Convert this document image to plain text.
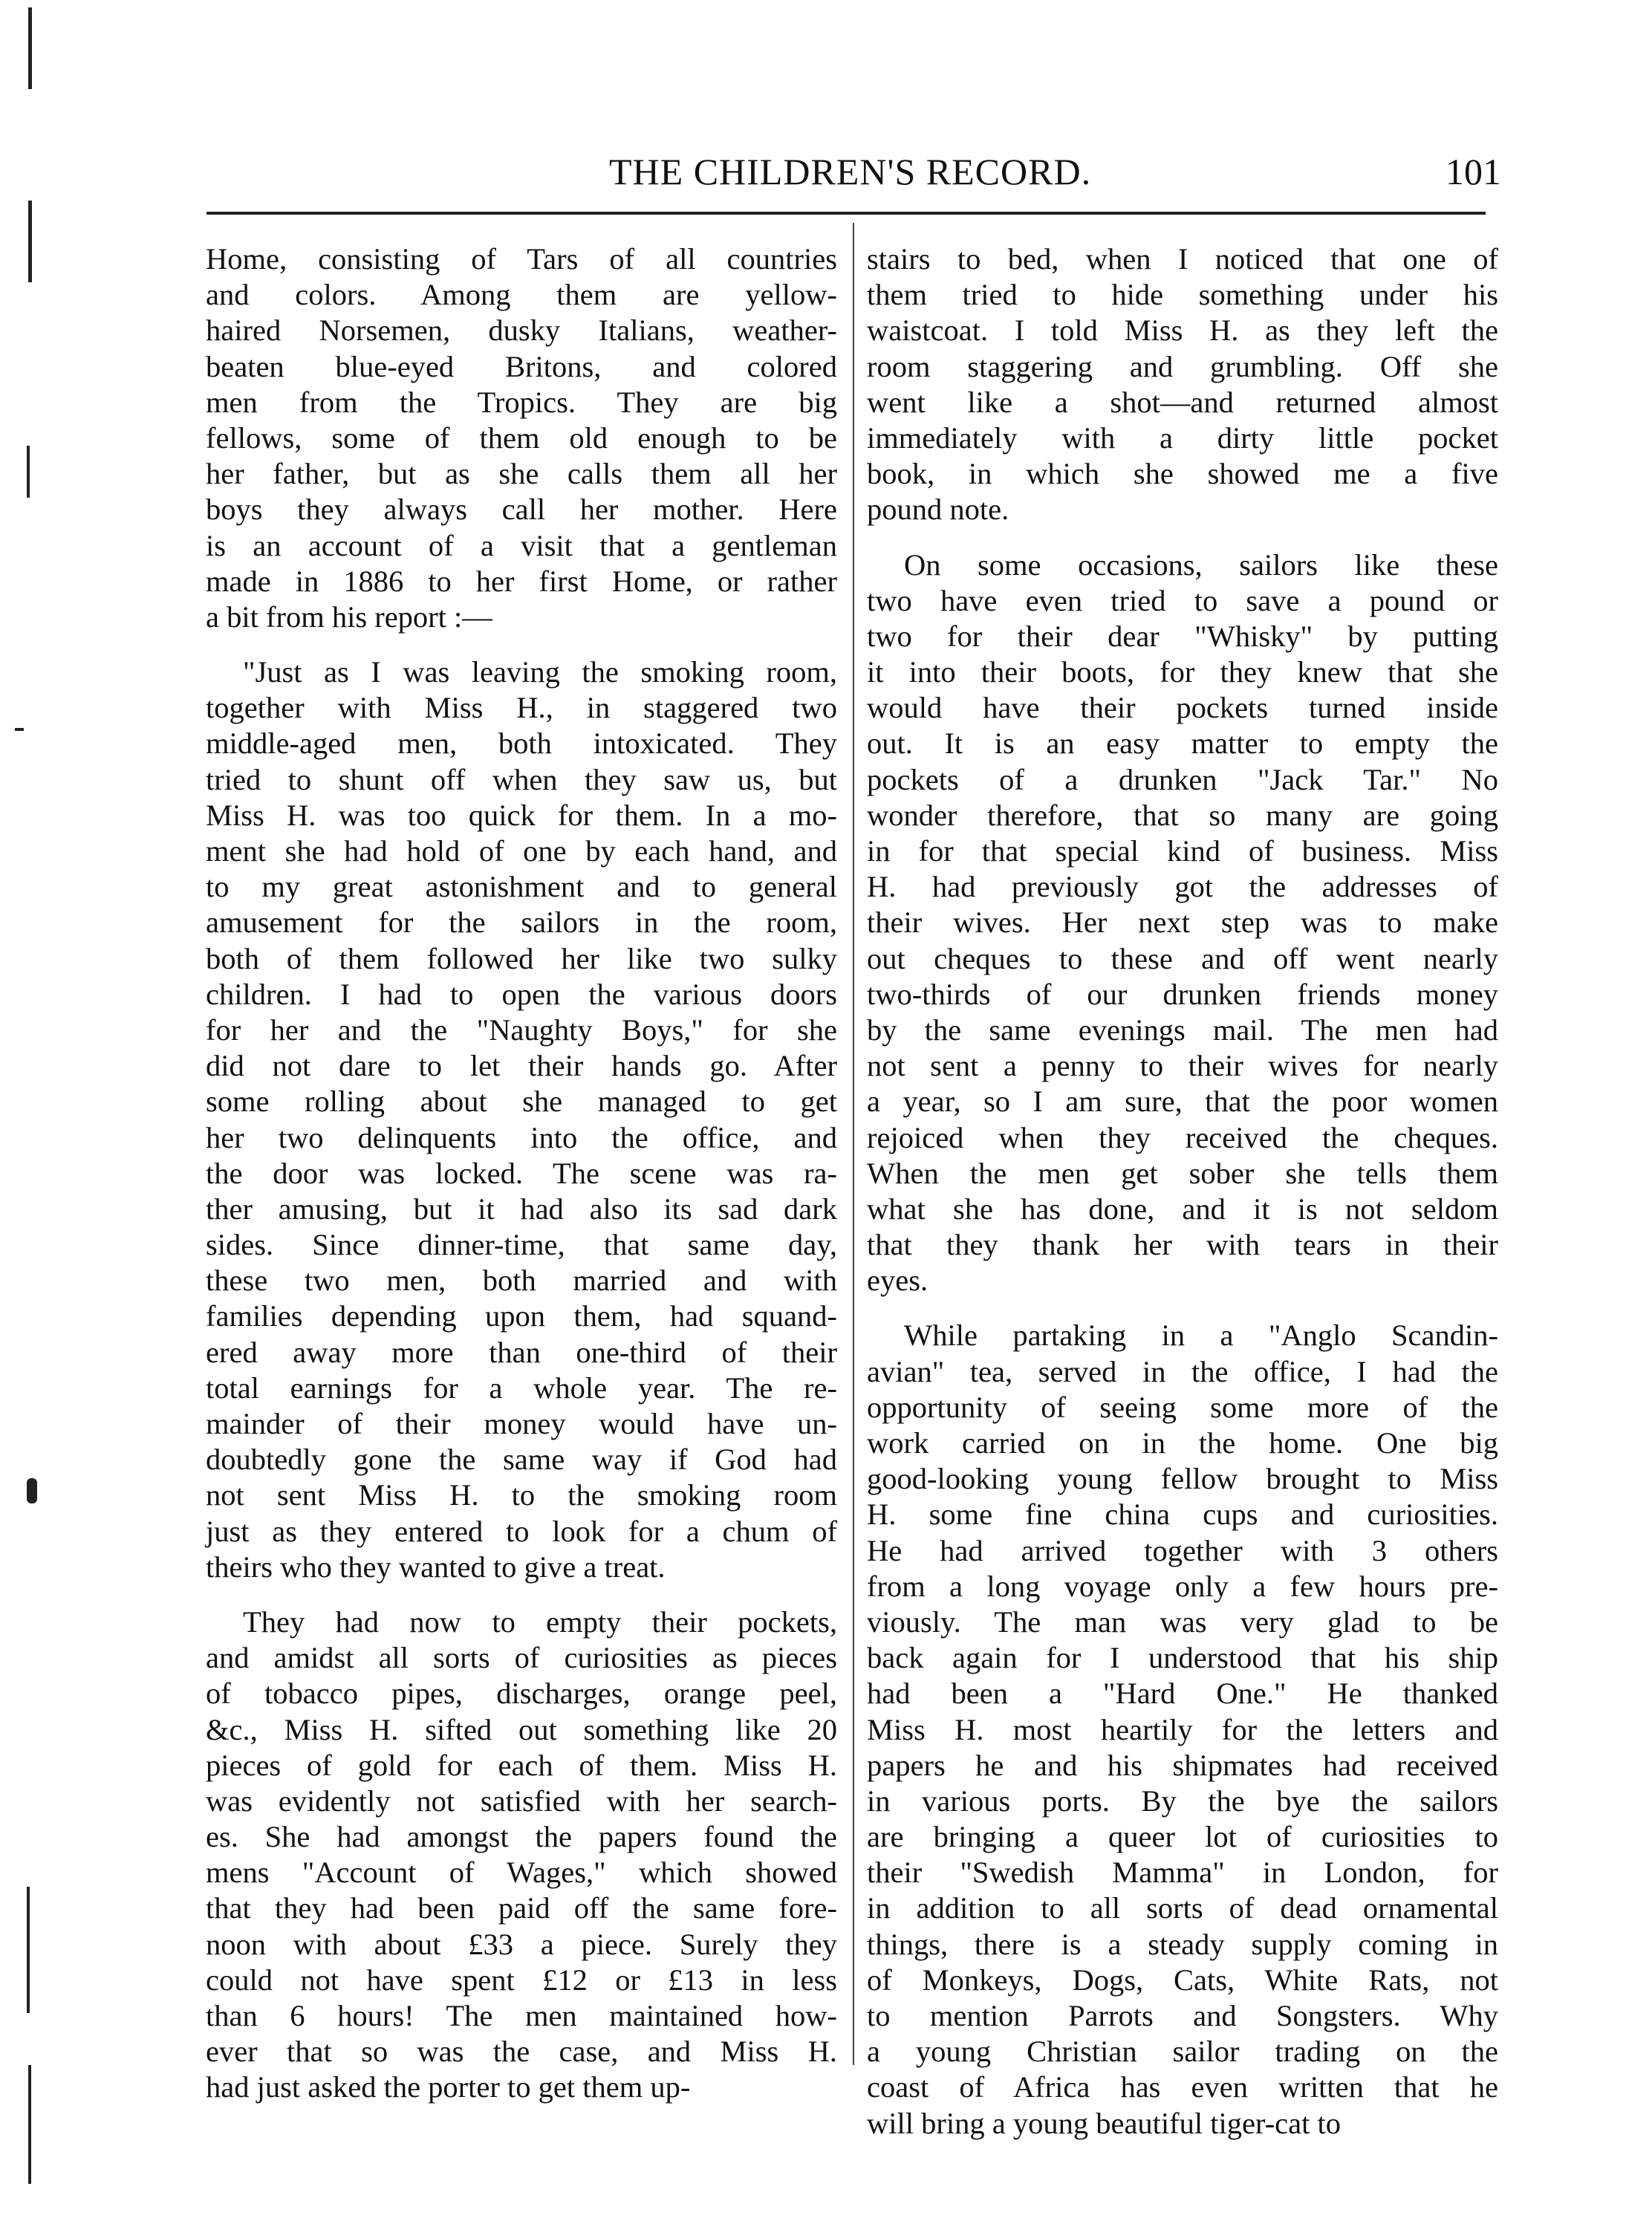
THE CHILDREN'S RECORD.	101
Home, consisting of Tars of all countries
and colors. Among them are yellow-
haired Norsemen, dusky Italians, weather-
beaten blue-eyed Britons, and colored
men from the Tropics. They are big
fellows, some of them old enough to be
her father, but as she calls them all her
boys they always call her mother. Here
is an account of a visit that a gentleman
made in 1886 to her first Home, or rather
a bit from his report :—
"Just as I was leaving the smoking room,
together with Miss H., in staggered two
middle-aged men, both intoxicated. They
tried to shunt off when they saw us, but
Miss H. was too quick for them. In a mo-
ment she had hold of one by each hand, and
to my great astonishment and to general
amusement for the sailors in the room,
both of them followed her like two sulky
children. I had to open the various doors
for her and the "Naughty Boys," for she
did not dare to let their hands go. After
some rolling about she managed to get
her two delinquents into the office, and
the door was locked. The scene was ra-
ther amusing, but it had also its sad dark
sides. Since dinner-time, that same day,
these two men, both married and with
families depending upon them, had squand-
ered away more than one-third of their
total earnings for a whole year. The re-
mainder of their money would have un-
doubtedly gone the same way if God had
not sent Miss H. to the smoking room
just as they entered to look for a chum of
theirs who they wanted to give a treat.
They had now to empty their pockets,
and amidst all sorts of curiosities as pieces
of tobacco pipes, discharges, orange peel,
&c., Miss H. sifted out something like 20
pieces of gold for each of them. Miss H.
was evidently not satisfied with her search-
es. She had amongst the papers found the
mens "Account of Wages," which showed
that they had been paid off the same fore-
noon with about £33 a piece. Surely they
could not have spent £12 or £13 in less
than 6 hours! The men maintained how-
ever that so was the case, and Miss H.
had just asked the porter to get them up-
stairs to bed, when I noticed that one of
them tried to hide something under his
waistcoat. I told Miss H. as they left the
room staggering and grumbling. Off she
went like a shot—and returned almost
immediately with a dirty little pocket
book, in which she showed me a five
pound note.
On some occasions, sailors like these
two have even tried to save a pound or
two for their dear "Whisky" by putting
it into their boots, for they knew that she
would have their pockets turned inside
out. It is an easy matter to empty the
pockets of a drunken "Jack Tar." No
wonder therefore, that so many are going
in for that special kind of business. Miss
H. had previously got the addresses of
their wives. Her next step was to make
out cheques to these and off went nearly
two-thirds of our drunken friends money
by the same evenings mail. The men had
not sent a penny to their wives for nearly
a year, so I am sure, that the poor women
rejoiced when they received the cheques.
When the men get sober she tells them
what she has done, and it is not seldom
that they thank her with tears in their
eyes.
While partaking in a "Anglo Scandin-
avian" tea, served in the office, I had the
opportunity of seeing some more of the
work carried on in the home. One big
good-looking young fellow brought to Miss
H. some fine china cups and curiosities.
He had arrived together with 3 others
from a long voyage only a few hours pre-
viously. The man was very glad to be
back again for I understood that his ship
had been a "Hard One." He thanked
Miss H. most heartily for the letters and
papers he and his shipmates had received
in various ports. By the bye the sailors
are bringing a queer lot of curiosities to
their "Swedish Mamma" in London, for
in addition to all sorts of dead ornamental
things, there is a steady supply coming in
of Monkeys, Dogs, Cats, White Rats, not
to mention Parrots and Songsters. Why
a young Christian sailor trading on the
coast of Africa has even written that he
will bring a young beautiful tiger-cat to
